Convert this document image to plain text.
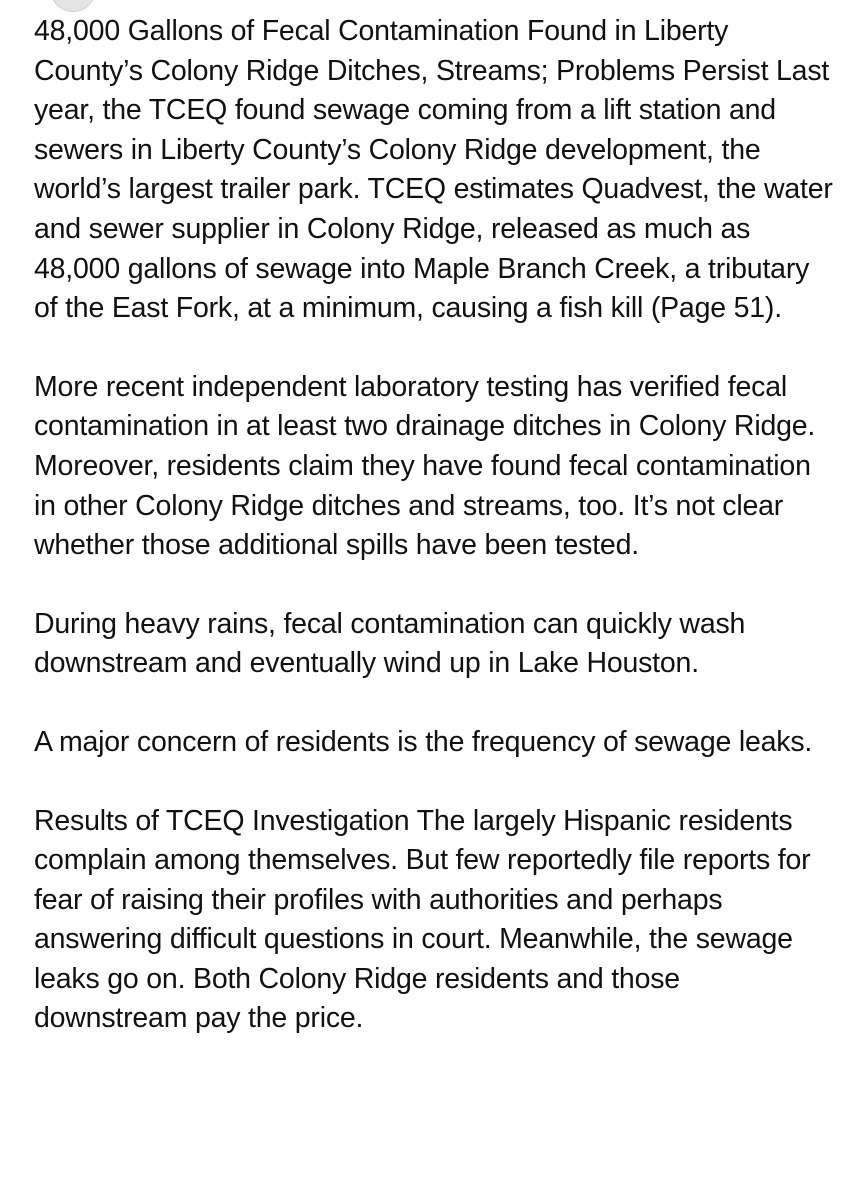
48,000 Gallons of Fecal Contamination Found in Liberty County’s Colony Ridge Ditches, Streams; Problems Persist Last year, the TCEQ found sewage coming from a lift station and sewers in Liberty County’s Colony Ridge development, the world’s largest trailer park. TCEQ estimates Quadvest, the water and sewer supplier in Colony Ridge, released as much as 48,000 gallons of sewage into Maple Branch Creek, a tributary of the East Fork, at a minimum, causing a fish kill (Page 51).

More recent independent laboratory testing has verified fecal contamination in at least two drainage ditches in Colony Ridge. Moreover, residents claim they have found fecal contamination in other Colony Ridge ditches and streams, too. It’s not clear whether those additional spills have been tested.

During heavy rains, fecal contamination can quickly wash downstream and eventually wind up in Lake Houston.

A major concern of residents is the frequency of sewage leaks.

Results of TCEQ Investigation The largely Hispanic residents complain among themselves. But few reportedly file reports for fear of raising their profiles with authorities and perhaps answering difficult questions in court. Meanwhile, the sewage leaks go on. Both Colony Ridge residents and those downstream pay the price.
